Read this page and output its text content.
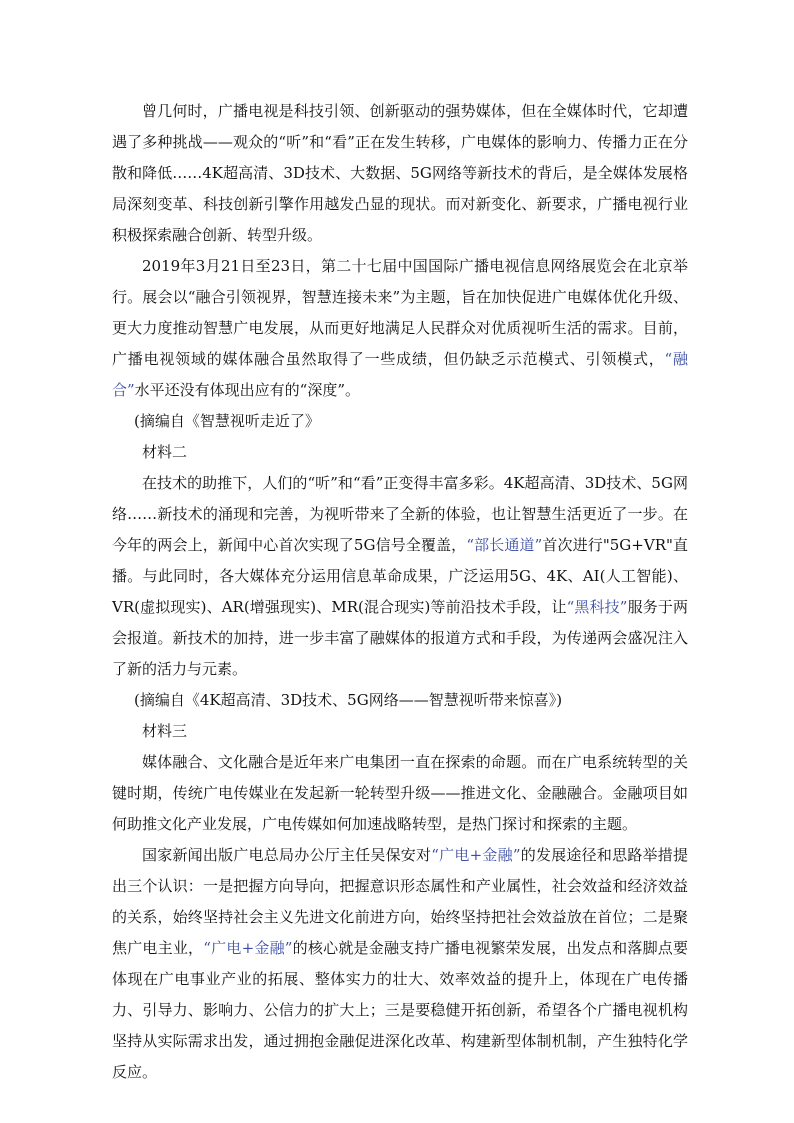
曾几何时，广播电视是科技引领、创新驱动的强势媒体，但在全媒体时代，它却遭遇了多种挑战——观众的“听”和“看”正在发生转移，广电媒体的影响力、传播力正在分散和降低……4K超高清、3D技术、大数据、5G网络等新技术的背后，是全媒体发展格局深刻变革、科技创新引擎作用越发凸显的现状。而对新变化、新要求，广播电视行业积极探索融合创新、转型升级。

2019年3月21日至23日，第二十七届中国国际广播电视信息网络展览会在北京举行。展会以“融合引领视界，智慧连接未来”为主题，旨在加快促进广电媒体优化升级、更大力度推动智慧广电发展，从而更好地满足人民群众对优质视听生活的需求。目前，广播电视领域的媒体融合虽然取得了一些成绩，但仍缺乏示范模式、引领模式，“融合”水平还没有体现出应有的“深度”。

(摘编自《智慧视听走近了》

材料二

在技术的助推下，人们的“听”和“看”正变得丰富多彩。4K超高清、3D技术、5G网络……新技术的涌现和完善，为视听带来了全新的体验，也让智慧生活更近了一步。在今年的两会上，新闻中心首次实现了5G信号全覆盖，“部长通道”首次进行"5G+VR"直播。与此同时，各大媒体充分运用信息革命成果，广泛运用5G、4K、AI(人工智能)、VR(虚拟现实)、AR(增强现实)、MR(混合现实)等前沿技术手段，让“黑科技”服务于两会报道。新技术的加持，进一步丰富了融媒体的报道方式和手段，为传递两会盛况注入了新的活力与元素。

(摘编自《4K超高清、3D技术、5G网络——智慧视听带来惊喜》)

材料三

媒体融合、文化融合是近年来广电集团一直在探索的命题。而在广电系统转型的关键时期，传统广电传媒业在发起新一轮转型升级——推进文化、金融融合。金融项目如何助推文化产业发展，广电传媒如何加速战略转型，是热门探讨和探索的主题。

国家新闻出版广电总局办公厅主任吴保安对“广电+金融”的发展途径和思路举措提出三个认识：一是把握方向导向，把握意识形态属性和产业属性，社会效益和经济效益的关系，始终坚持社会主义先进文化前进方向，始终坚持把社会效益放在首位；二是聚焦广电主业，“广电+金融”的核心就是金融支持广播电视繁荣发展，出发点和落脚点要体现在广电事业产业的拓展、整体实力的壮大、效率效益的提升上，体现在广电传播力、引导力、影响力、公信力的扩大上；三是要稳健开拓创新，希望各个广播电视机构坚持从实际需求出发，通过拥抱金融促进深化改革、构建新型体制机制，产生独特化学反应。
